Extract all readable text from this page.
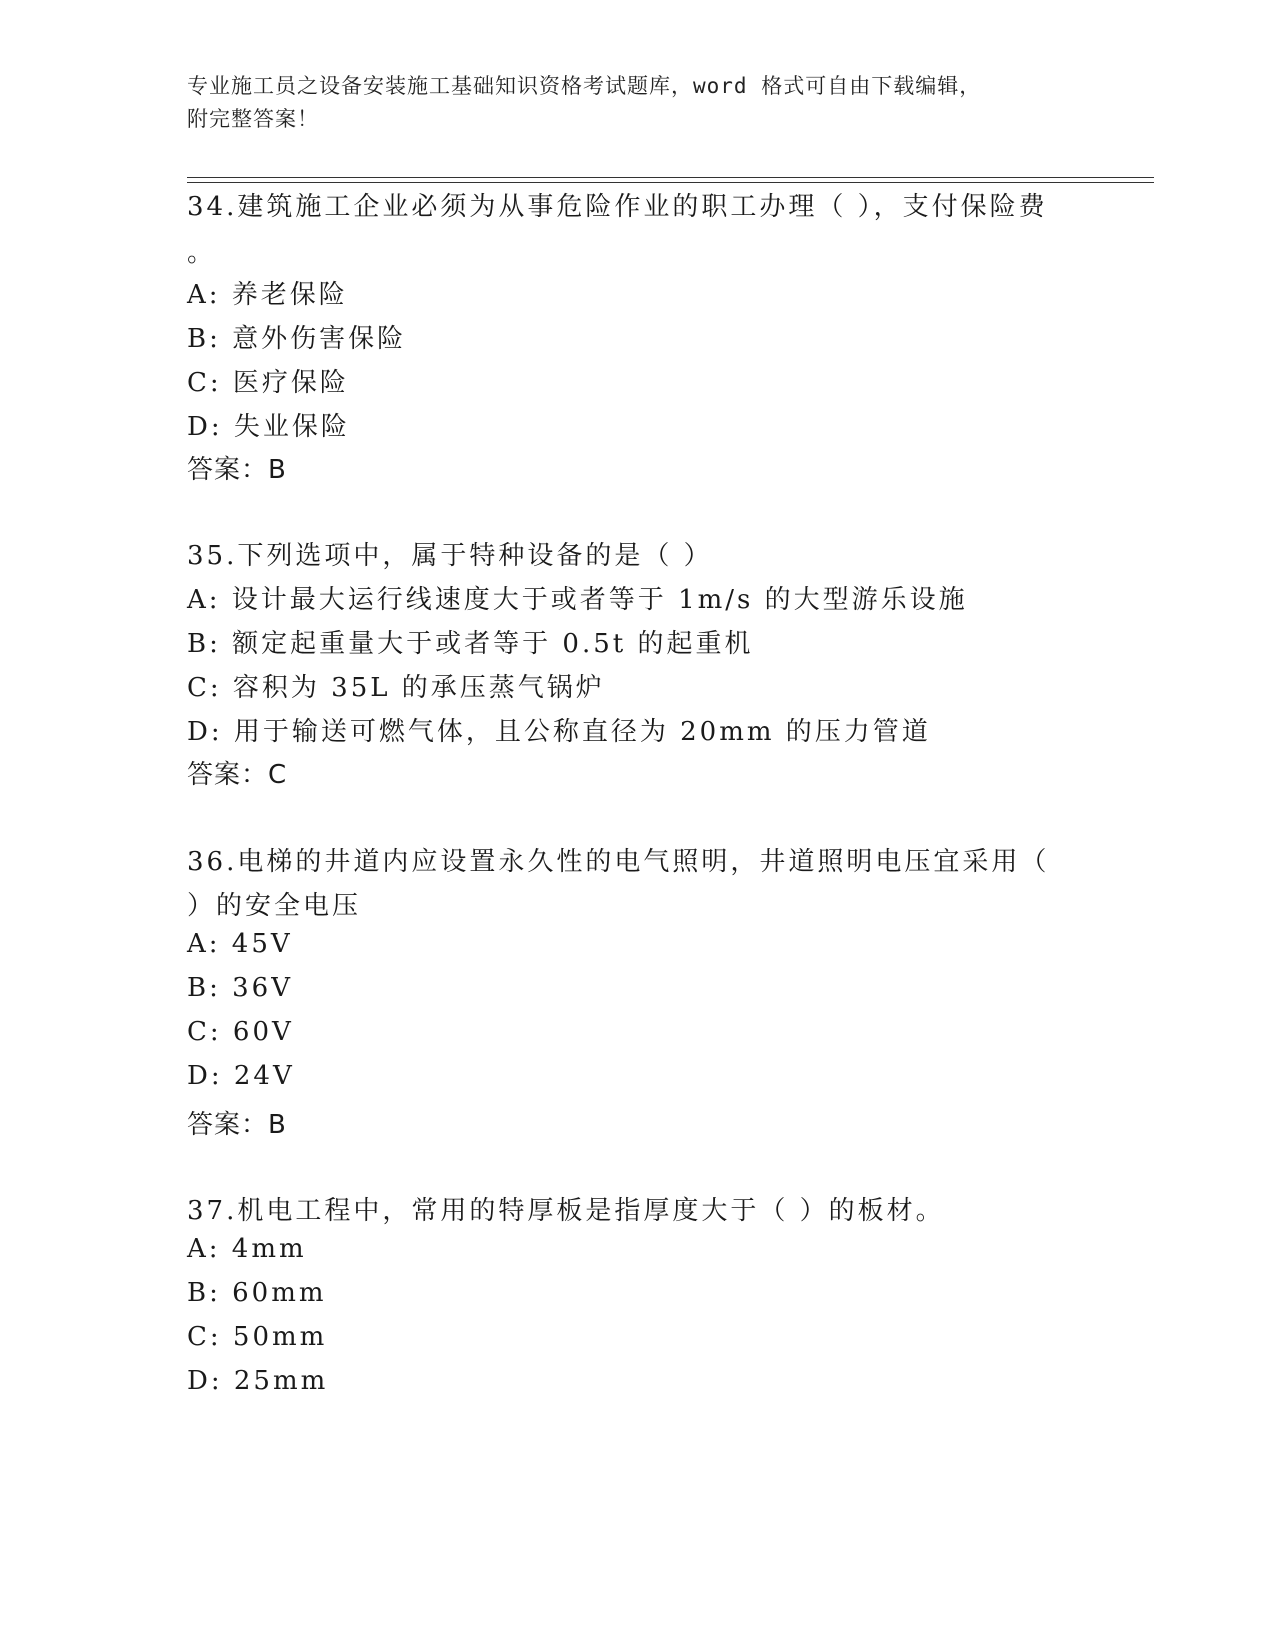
专业施工员之设备安装施工基础知识资格考试题库，word 格式可自由下载编辑，
附完整答案！
34.建筑施工企业必须为从事危险作业的职工办理（ ），支付保险费
。
A: 养老保险
B: 意外伤害保险
C: 医疗保险
D: 失业保险
答案：B
35.下列选项中，属于特种设备的是（ ）
A: 设计最大运行线速度大于或者等于 1m/s 的大型游乐设施
B: 额定起重量大于或者等于 0.5t 的起重机
C: 容积为 35L 的承压蒸气锅炉
D: 用于输送可燃气体，且公称直径为 20mm 的压力管道
答案：C
36.电梯的井道内应设置永久性的电气照明，井道照明电压宜采用（
）的安全电压
A: 45V
B: 36V
C: 60V
D: 24V
答案：B
37.机电工程中，常用的特厚板是指厚度大于（ ）的板材。
A: 4mm
B: 60mm
C: 50mm
D: 25mm
